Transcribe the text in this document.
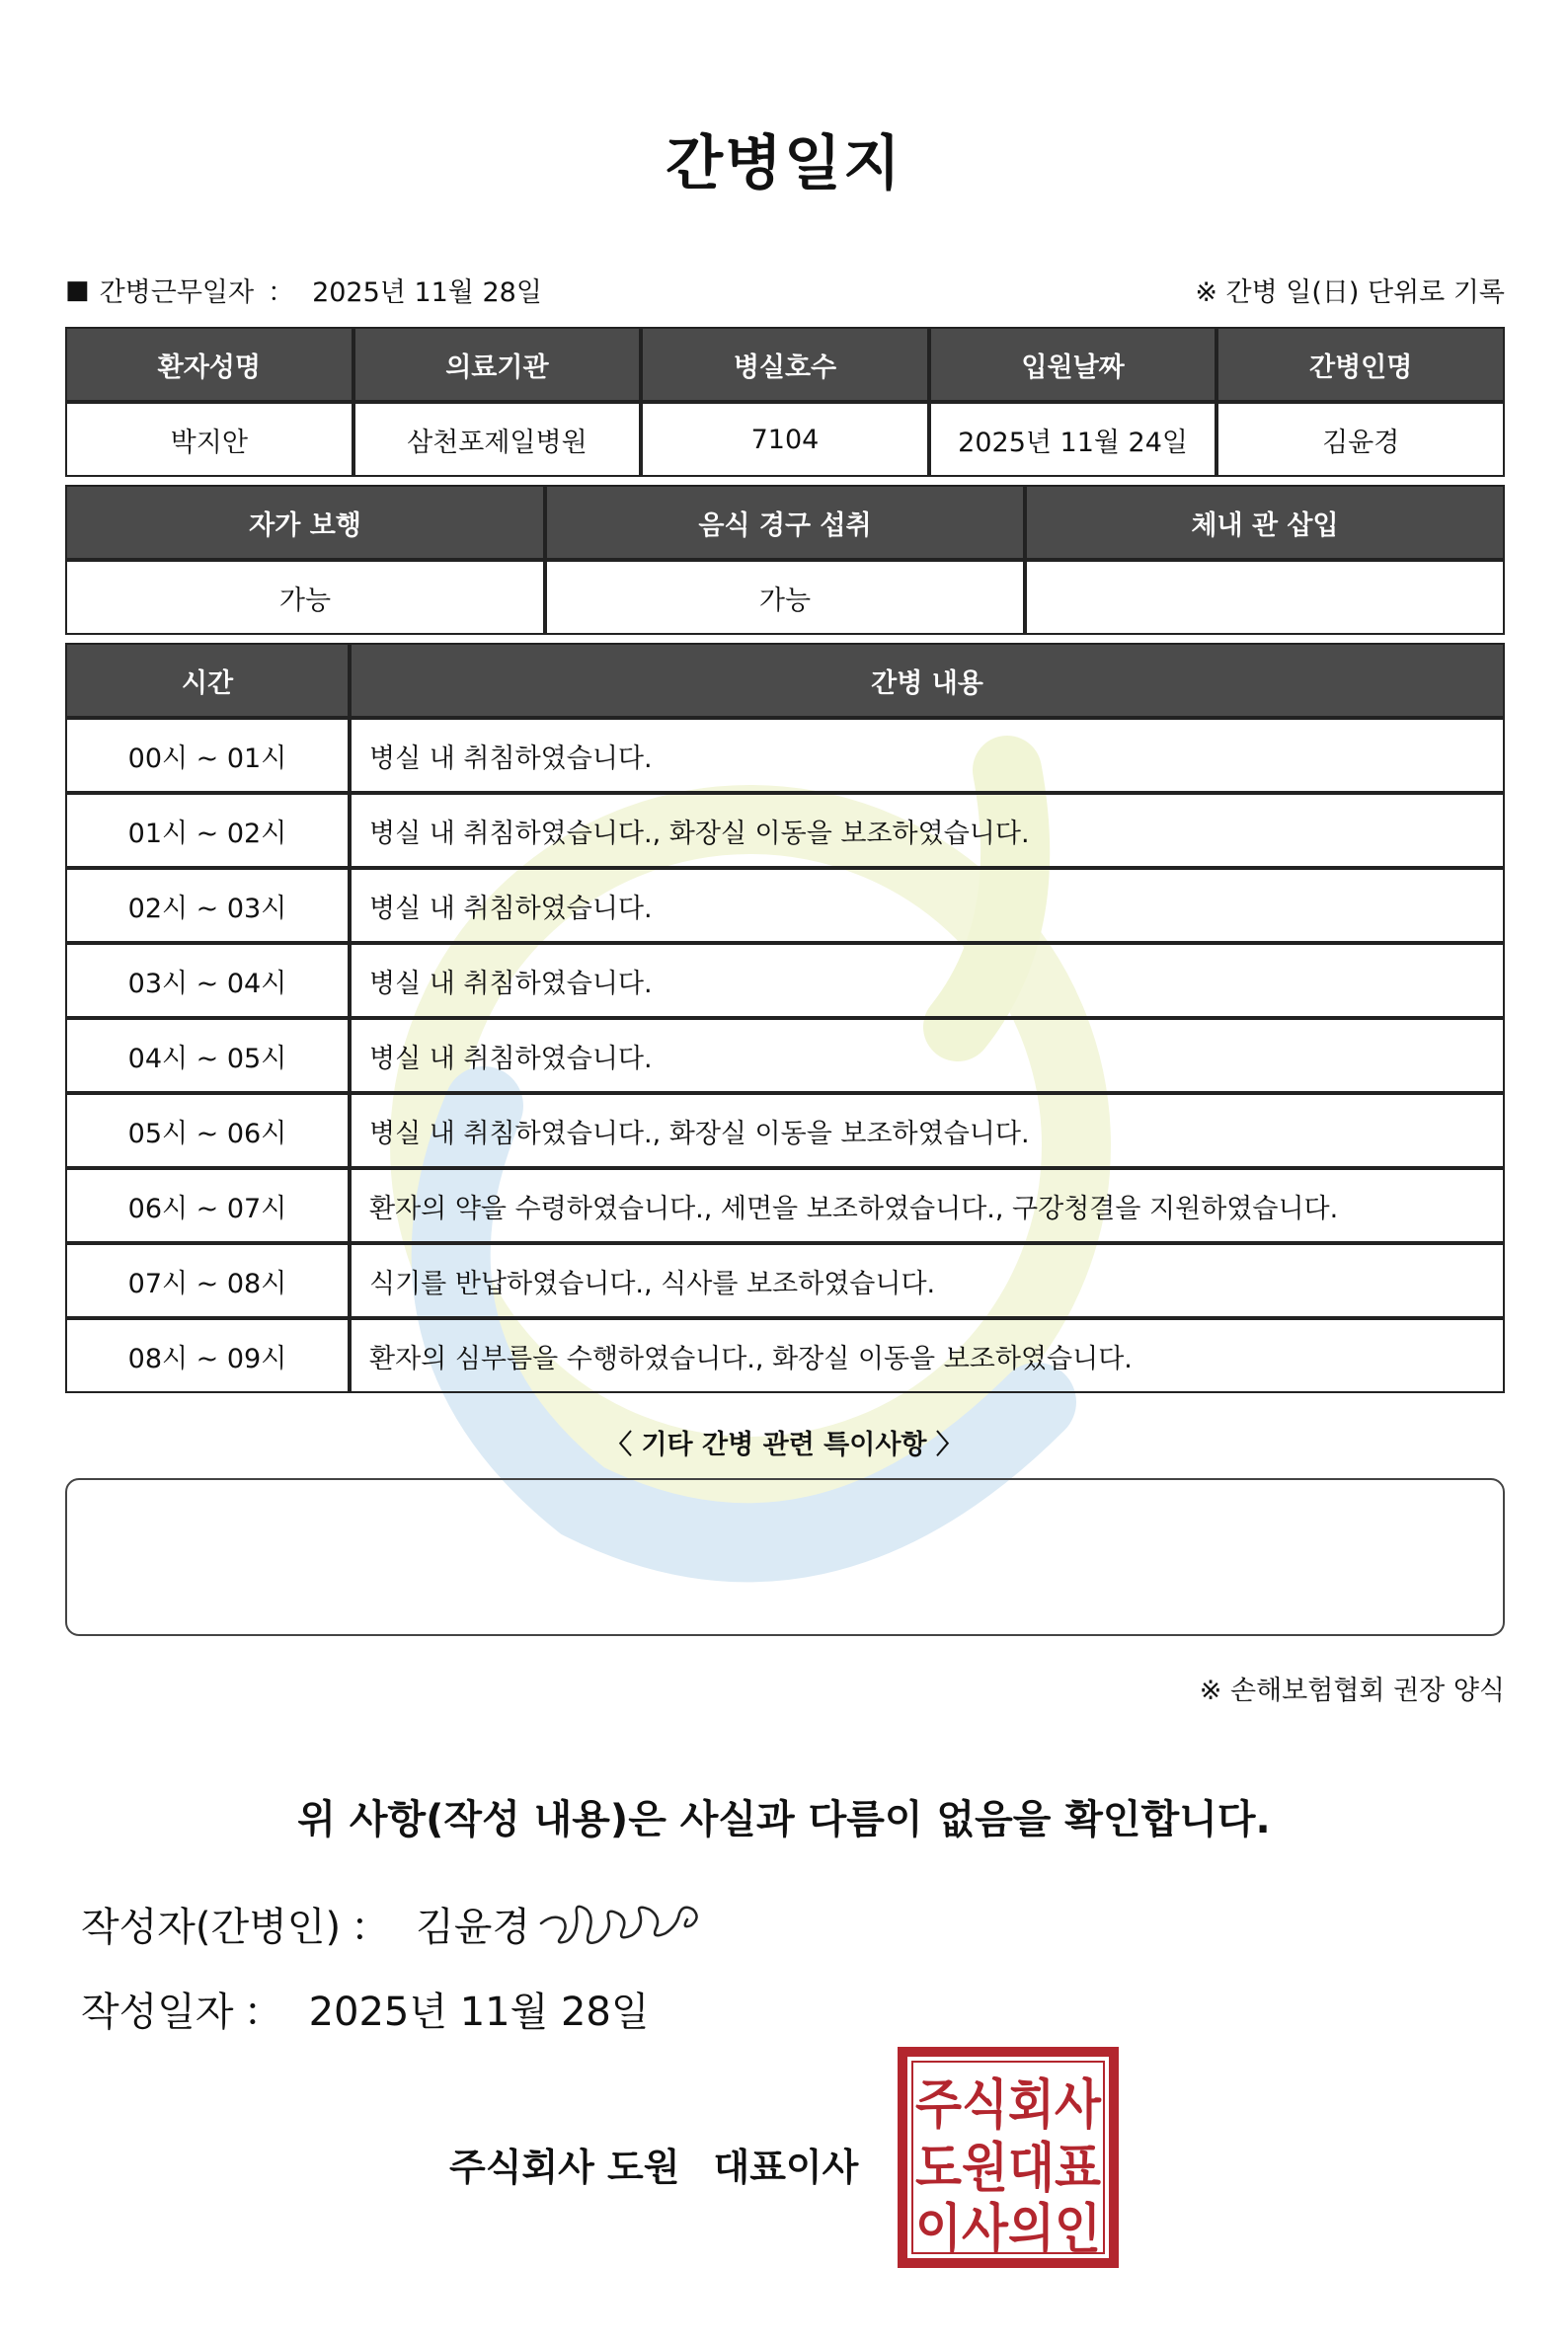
간병일지
■ 간병근무일자 ： 2025년 11월 28일	※ 간병 일(日) 단위로 기록
환자성명	의료기관	병실호수	입원날짜	간병인명
박지안	삼천포제일병원	7104	2025년 11월 24일	김윤경
자가 보행	음식 경구 섭취	체내 관 삽입
가능	가능	
시간	간병 내용
00시 ~ 01시	병실 내 취침하였습니다.
01시 ~ 02시	병실 내 취침하였습니다., 화장실 이동을 보조하였습니다.
02시 ~ 03시	병실 내 취침하였습니다.
03시 ~ 04시	병실 내 취침하였습니다.
04시 ~ 05시	병실 내 취침하였습니다.
05시 ~ 06시	병실 내 취침하였습니다., 화장실 이동을 보조하였습니다.
06시 ~ 07시	환자의 약을 수령하였습니다., 세면을 보조하였습니다., 구강청결을 지원하였습니다.
07시 ~ 08시	식기를 반납하였습니다., 식사를 보조하였습니다.
08시 ~ 09시	환자의 심부름을 수행하였습니다., 화장실 이동을 보조하였습니다.
〈 기타 간병 관련 특이사항 〉
※ 손해보험협회 권장 양식
위 사항(작성 내용)은 사실과 다름이 없음을 확인합니다.
작성자(간병인) ： 김윤경
작성일자 ： 2025년 11월 28일
주식회사 도원 대표이사
주식회사
도원대표
이사의인
